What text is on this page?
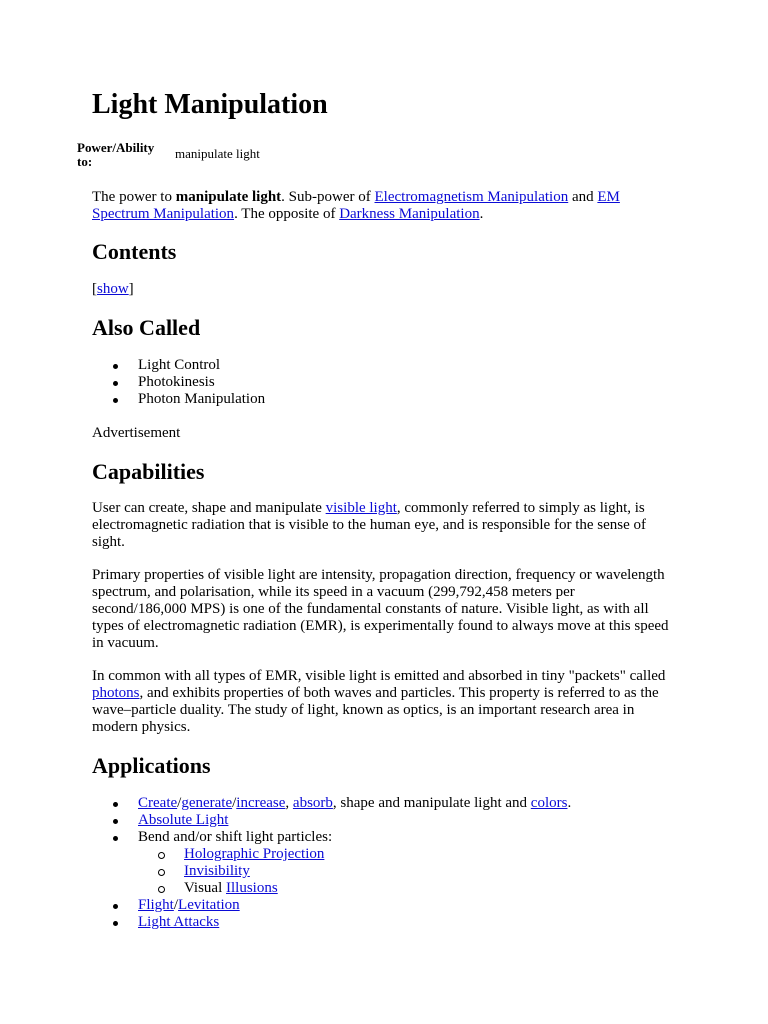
Light Manipulation
Power/Ability to:
manipulate light

The power to manipulate light. Sub-power of Electromagnetism Manipulation and EM Spectrum Manipulation. The opposite of Darkness Manipulation.

Contents
[show]
Also Called
Light Control
Photokinesis
Photon Manipulation
Advertisement
Capabilities

User can create, shape and manipulate visible light, commonly referred to simply as light, is electromagnetic radiation that is visible to the human eye, and is responsible for the sense of sight.

Primary properties of visible light are intensity, propagation direction, frequency or wavelength spectrum, and polarisation, while its speed in a vacuum (299,792,458 meters per second/186,000 MPS) is one of the fundamental constants of nature. Visible light, as with all types of electromagnetic radiation (EMR), is experimentally found to always move at this speed in vacuum.

In common with all types of EMR, visible light is emitted and absorbed in tiny "packets" called photons, and exhibits properties of both waves and particles. This property is referred to as the wave–particle duality. The study of light, known as optics, is an important research area in modern physics.

Applications
Create/generate/increase, absorb, shape and manipulate light and colors.
Absolute Light
Bend and/or shift light particles:
Holographic Projection
Invisibility
Visual Illusions
Flight/Levitation
Light Attacks
